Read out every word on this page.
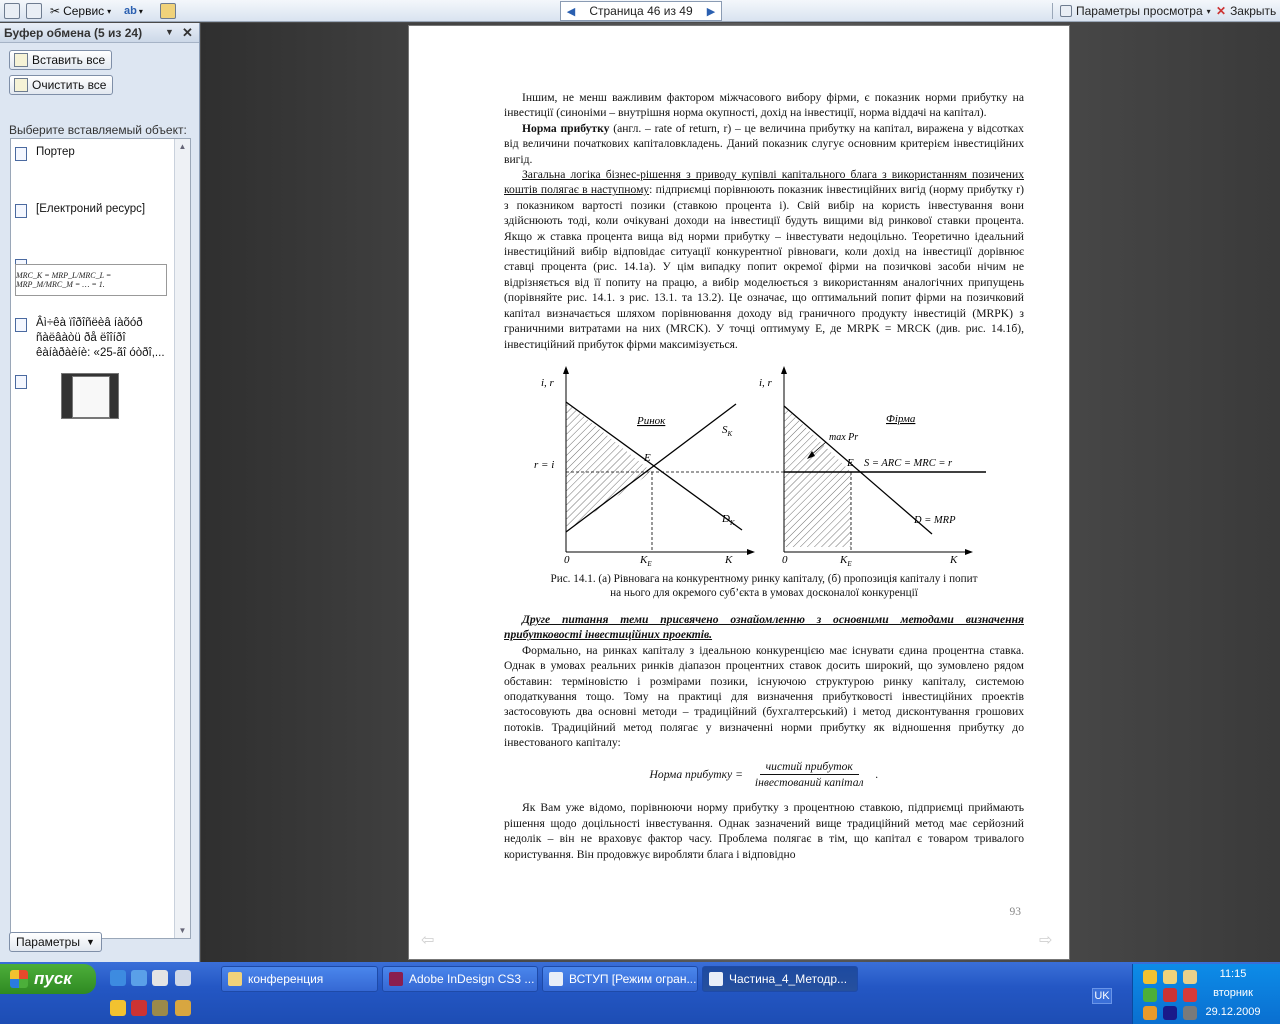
✂ Сервис ▾ ab ▾	◀	Страница 46 из 49	▶	Параметры просмотра ▾ ✕ Закрыть
Буфер обмена (5 из 24)	▼ ✕
Вставить все
Очистить все
Выберите вставляемый объект:
Портер
[Електроний ресурс]
MRC_K = MRP_L/MRC_L = MRP_M/MRC_M = … = 1.
Âì÷êà ïîðîñëèâ íàõóð ñàëâàòü ðå ëîîíðî êàíàðàèíè: «25-ãî óòðî,...
▲
▼
Параметры ▼

Іншим, не менш важливим фактором міжчасового вибору фірми, є показник норми прибутку на інвестиції (синоніми – внутрішня норма окупності, дохід на інвестиції, норма віддачі на капітал).

Норма прибутку (англ. – rate of return, r) – це величина прибутку на капітал, виражена у відсотках від величини початкових капіталовкладень. Даний показник слугує основним критерієм інвестиційних вигід.

Загальна логіка бізнес-рішення з приводу купівлі капітального блага з використанням позичених коштів полягає в наступному: підприємці порівнюють показник інвестиційних вигід (норму прибутку r) з показником вартості позики (ставкою процента i). Свій вибір на користь інвестування вони здійснюють тоді, коли очікувані доходи на інвестиції будуть вищими від ринкової ставки процента. Якщо ж ставка процента вища від норми прибутку – інвестувати недоцільно. Теоретично ідеальний інвестиційний вибір відповідає ситуації конкурентної рівноваги, коли дохід на інвестиції дорівнює ставці процента (рис. 14.1а). У цім випадку попит окремої фірми на позичкові засоби нічим не відрізняється від її попиту на працю, а вибір моделюється з використанням аналогічних припущень (порівняйте рис. 14.1. з рис. 13.1. та 13.2). Це означає, що оптимальний попит фірми на позичковий капітал визначається шляхом порівнювання доходу від граничного продукту інвестицій (MRPK) з граничними витратами на них (MRCK). У точці оптимуму E, де MRPK = MRCK (див. рис. 14.1б), інвестиційний прибуток фірми максимізується.

i, r
Ринок
r = i
E
$S_K$
$D_K$
0	$K_E$	K
i, r
Фірма
max Pr
E S = ARC = MRC = r
D = MRP
0	$K_E$	K

Рис. 14.1. (а) Рівновага на конкурентному ринку капіталу, (б) пропозиція капіталу і попит

на нього для окремого суб’єкта в умовах досконалої конкуренції

Друге питання теми присвячено ознайомленню з основними методами визначення прибутковості інвестиційних проектів.

Формально, на ринках капіталу з ідеальною конкуренцією має існувати єдина процентна ставка. Однак в умовах реальних ринків діапазон процентних ставок досить широкий, що зумовлено рядом обставин: терміновістю і розмірами позики, існуючою структурою ринку капіталу, системою оподаткування тощо. Тому на практиці для визначення прибутковості інвестиційних проектів застосовують два основні методи – традиційний (бухгалтерський) і метод дисконтування грошових потоків. Традиційний метод полягає у визначенні норми прибутку як відношення прибутку до інвестованого капіталу:

Норма прибутку = $\frac{\text{чистий прибуток}}{\text{інвестований капітал}}$ .

Як Вам уже відомо, порівнюючи норму прибутку з процентною ставкою, підприємці приймають рішення щодо доцільності інвестування. Однак зазначений вище традиційний метод має серйозний недолік – він не враховує фактор часу. Проблема полягає в тім, що капітал є товаром тривалого користування. Він продовжує виробляти блага і відповідно

93
⇦	⇨
пуск	конференция	Adobe InDesign CS3 ...	ВСТУП [Режим огран...	Частина_4_Методр...
UK
11:15
вторник
29.12.2009
